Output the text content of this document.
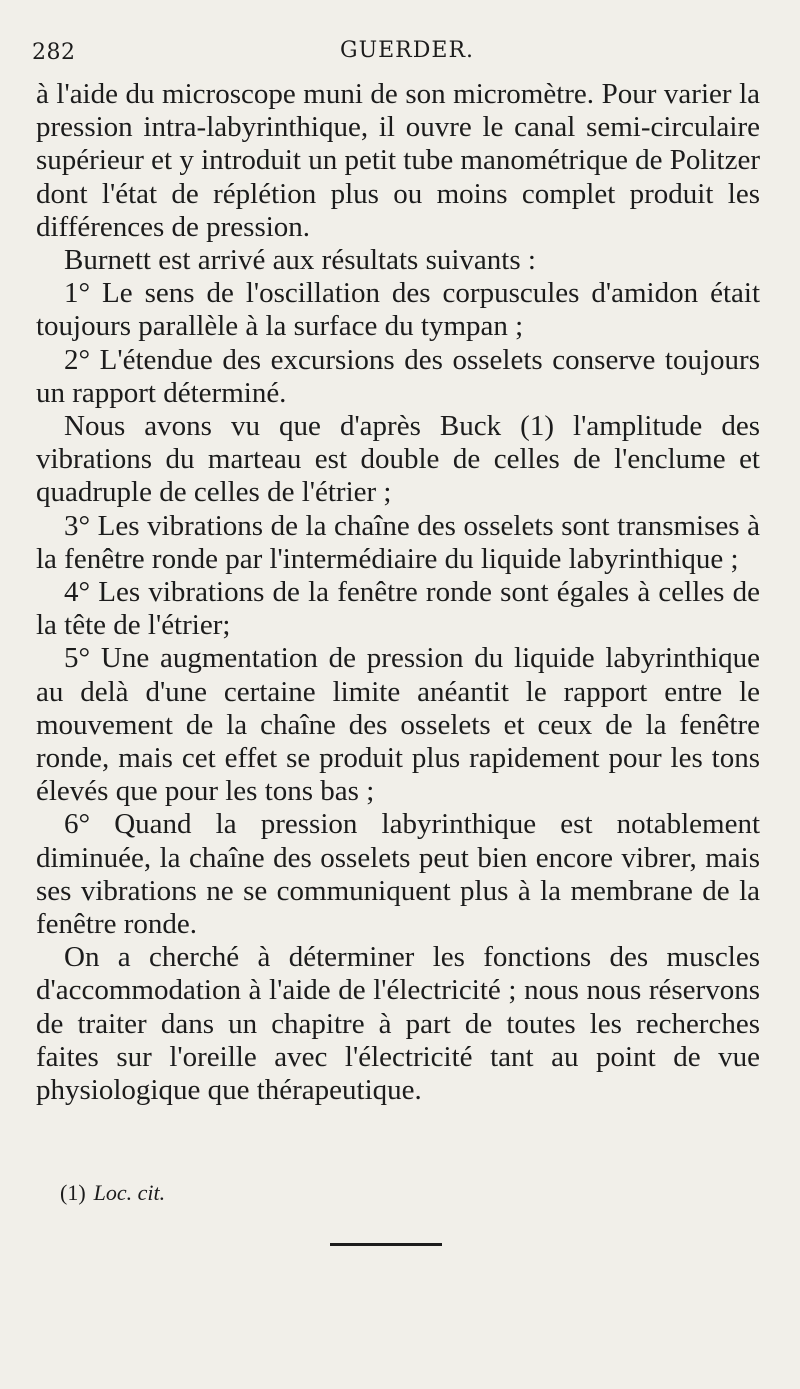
282	GUERDER.

à l'aide du microscope muni de son micromètre. Pour varier la pression intra-labyrinthique, il ouvre le canal semi-circulaire supérieur et y introduit un petit tube manométrique de Politzer dont l'état de réplétion plus ou moins complet produit les différences de pression.

Burnett est arrivé aux résultats suivants :

1° Le sens de l'oscillation des corpuscules d'amidon était toujours parallèle à la surface du tympan ;

2° L'étendue des excursions des osselets conserve toujours un rapport déterminé.

Nous avons vu que d'après Buck (1) l'amplitude des vibrations du marteau est double de celles de l'enclume et quadruple de celles de l'étrier ;

3° Les vibrations de la chaîne des osselets sont transmises à la fenêtre ronde par l'intermédiaire du liquide labyrinthique ;

4° Les vibrations de la fenêtre ronde sont égales à celles de la tête de l'étrier;

5° Une augmentation de pression du liquide labyrinthique au delà d'une certaine limite anéantit le rapport entre le mouvement de la chaîne des osselets et ceux de la fenêtre ronde, mais cet effet se produit plus rapidement pour les tons élevés que pour les tons bas ;

6° Quand la pression labyrinthique est notablement diminuée, la chaîne des osselets peut bien encore vibrer, mais ses vibrations ne se communiquent plus à la membrane de la fenêtre ronde.

On a cherché à déterminer les fonctions des muscles d'accommodation à l'aide de l'électricité ; nous nous réservons de traiter dans un chapitre à part de toutes les recherches faites sur l'oreille avec l'électricité tant au point de vue physiologique que thérapeutique.

(1) Loc. cit.
